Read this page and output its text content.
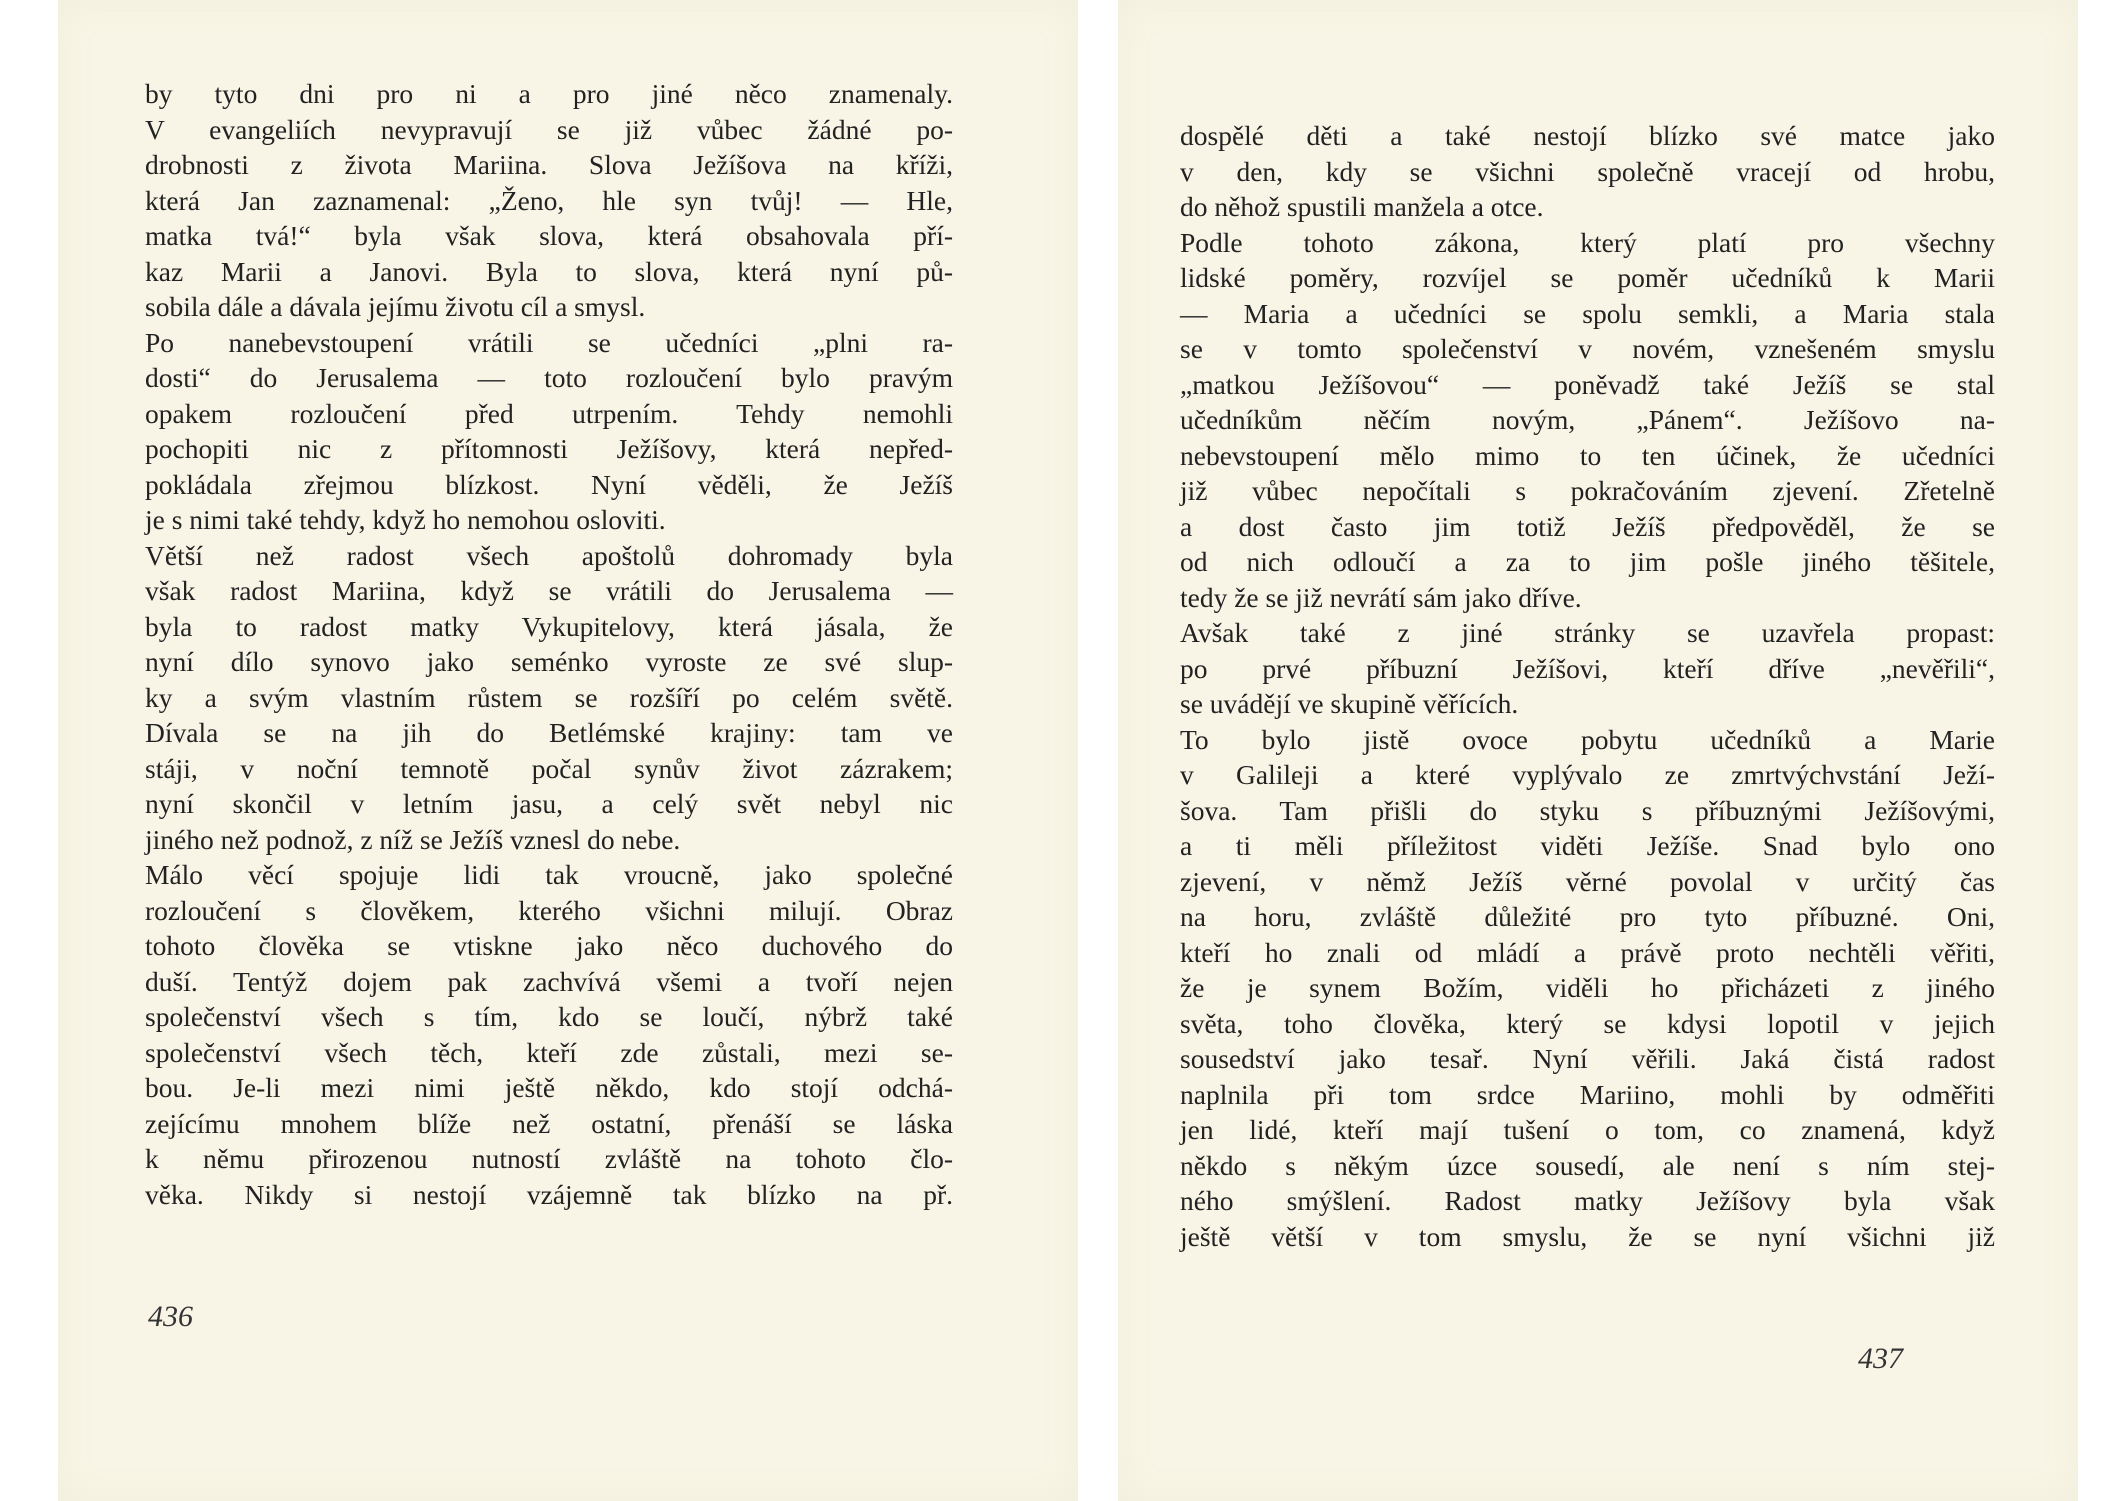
by tyto dni pro ni a pro jiné něco znamenaly.
V evangeliích nevypravují se již vůbec žádné po-
drobnosti z života Mariina. Slova Ježíšova na kříži,
která Jan zaznamenal: „Ženo, hle syn tvůj! — Hle,
matka tvá!“ byla však slova, která obsahovala pří-
kaz Marii a Janovi. Byla to slova, která nyní pů-
sobila dále a dávala jejímu životu cíl a smysl.
Po nanebevstoupení vrátili se učedníci „plni ra-
dosti“ do Jerusalema — toto rozloučení bylo pravým
opakem rozloučení před utrpením. Tehdy nemohli
pochopiti nic z přítomnosti Ježíšovy, která nepřed-
pokládala zřejmou blízkost. Nyní věděli, že Ježíš
je s nimi také tehdy, když ho nemohou osloviti.
Větší než radost všech apoštolů dohromady byla
však radost Mariina, když se vrátili do Jerusalema —
byla to radost matky Vykupitelovy, která jásala, že
nyní dílo synovo jako seménko vyroste ze své slup-
ky a svým vlastním růstem se rozšíří po celém světě.
Dívala se na jih do Betlémské krajiny: tam ve
stáji, v noční temnotě počal synův život zázrakem;
nyní skončil v letním jasu, a celý svět nebyl nic
jiného než podnož, z níž se Ježíš vznesl do nebe.
Málo věcí spojuje lidi tak vroucně, jako společné
rozloučení s člověkem, kterého všichni milují. Obraz
tohoto člověka se vtiskne jako něco duchového do
duší. Tentýž dojem pak zachvívá všemi a tvoří nejen
společenství všech s tím, kdo se loučí, nýbrž také
společenství všech těch, kteří zde zůstali, mezi se-
bou. Je-li mezi nimi ještě někdo, kdo stojí odchá-
zejícímu mnohem blíže než ostatní, přenáší se láska
k němu přirozenou nutností zvláště na tohoto člo-
věka. Nikdy si nestojí vzájemně tak blízko na př.
dospělé děti a také nestojí blízko své matce jako
v den, kdy se všichni společně vracejí od hrobu,
do něhož spustili manžela a otce.
Podle tohoto zákona, který platí pro všechny
lidské poměry, rozvíjel se poměr učedníků k Marii
— Maria a učedníci se spolu semkli, a Maria stala
se v tomto společenství v novém, vznešeném smyslu
„matkou Ježíšovou“ — poněvadž také Ježíš se stal
učedníkům něčím novým, „Pánem“. Ježíšovo na-
nebevstoupení mělo mimo to ten účinek, že učedníci
již vůbec nepočítali s pokračováním zjevení. Zřetelně
a dost často jim totiž Ježíš předpověděl, že se
od nich odloučí a za to jim pošle jiného těšitele,
tedy že se již nevrátí sám jako dříve.
Avšak také z jiné stránky se uzavřela propast:
po prvé příbuzní Ježíšovi, kteří dříve „nevěřili“,
se uvádějí ve skupině věřících.
To bylo jistě ovoce pobytu učedníků a Marie
v Galileji a které vyplývalo ze zmrtvýchvstání Ježí-
šova. Tam přišli do styku s příbuznými Ježíšovými,
a ti měli příležitost viděti Ježíše. Snad bylo ono
zjevení, v němž Ježíš věrné povolal v určitý čas
na horu, zvláště důležité pro tyto příbuzné. Oni,
kteří ho znali od mládí a právě proto nechtěli věřiti,
že je synem Božím, viděli ho přicházeti z jiného
světa, toho člověka, který se kdysi lopotil v jejich
sousedství jako tesař. Nyní věřili. Jaká čistá radost
naplnila při tom srdce Mariino, mohli by odměřiti
jen lidé, kteří mají tušení o tom, co znamená, když
někdo s někým úzce sousedí, ale není s ním stej-
ného smýšlení. Radost matky Ježíšovy byla však
ještě větší v tom smyslu, že se nyní všichni již
436
437
